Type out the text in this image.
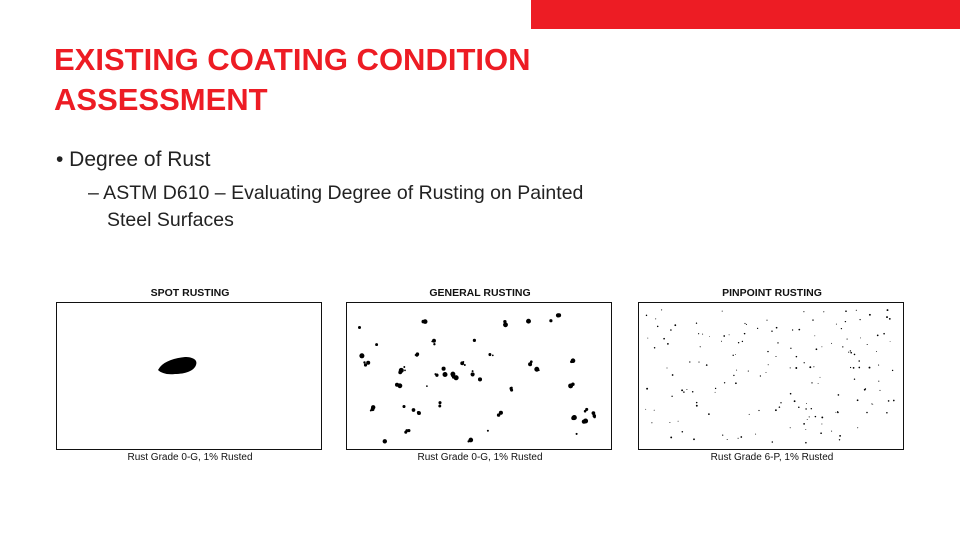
EXISTING COATING CONDITION
ASSESSMENT
• Degree of Rust
– ASTM D610 – Evaluating Degree of Rusting on Painted
Steel Surfaces
SPOT RUSTING
Rust Grade 0-G, 1% Rusted
GENERAL RUSTING
Rust Grade 0-G, 1% Rusted
PINPOINT RUSTING
Rust Grade 6-P, 1% Rusted
